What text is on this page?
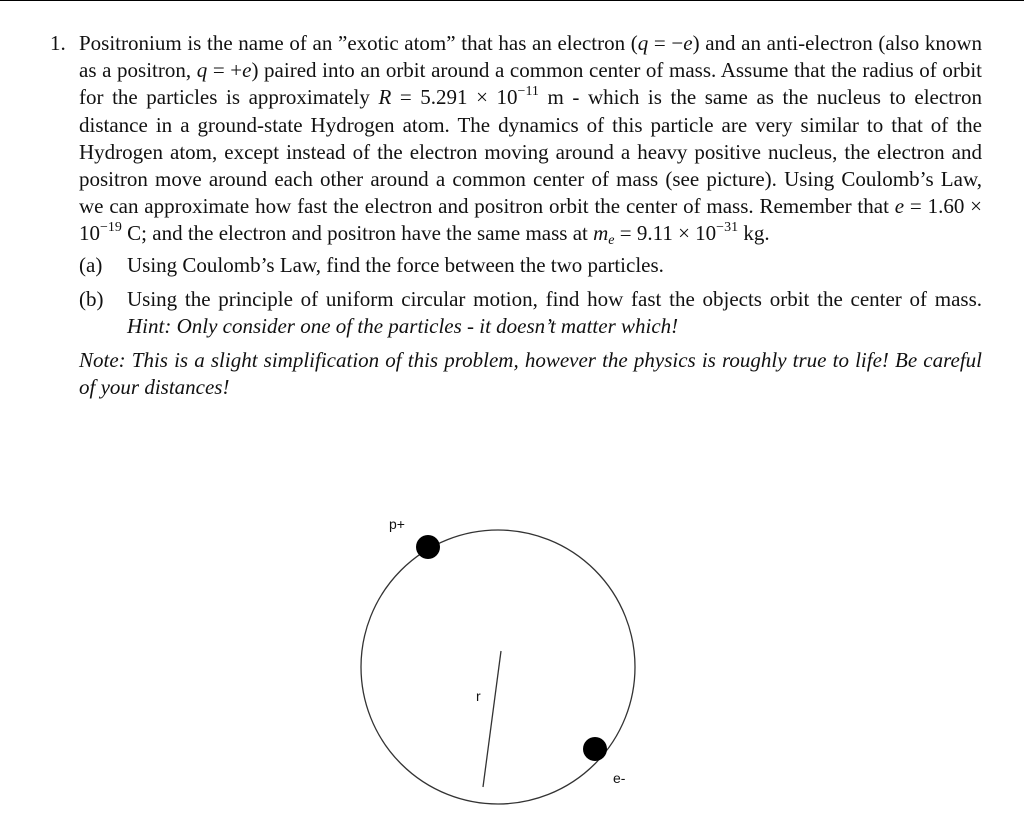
1. Positronium is the name of an ”exotic atom” that has an electron (q = −e) and an anti-electron (also known as a positron, q = +e) paired into an orbit around a common center of mass. Assume that the radius of orbit for the particles is approximately $R = 5.291 \times 10^{-11}$ m - which is the same as the nucleus to electron distance in a ground-state Hydrogen atom. The dynamics of this particle are very similar to that of the Hydrogen atom, except instead of the electron moving around a heavy positive nucleus, the electron and positron move around each other around a common center of mass (see picture). Using Coulomb’s Law, we can approximate how fast the electron and positron orbit the center of mass. Remember that $e = 1.60 \times 10^{-19}$ C; and the electron and positron have the same mass at me = $9.11 \times 10^{-31}$ kg.

(a) Using Coulomb’s Law, find the force between the two particles.
(b) Using the principle of uniform circular motion, find how fast the objects orbit the center of mass. Hint: Only consider one of the particles - it doesn’t matter which!
Note: This is a slight simplification of this problem, however the physics is roughly true to life! Be careful of your distances!
p+
e-
r
